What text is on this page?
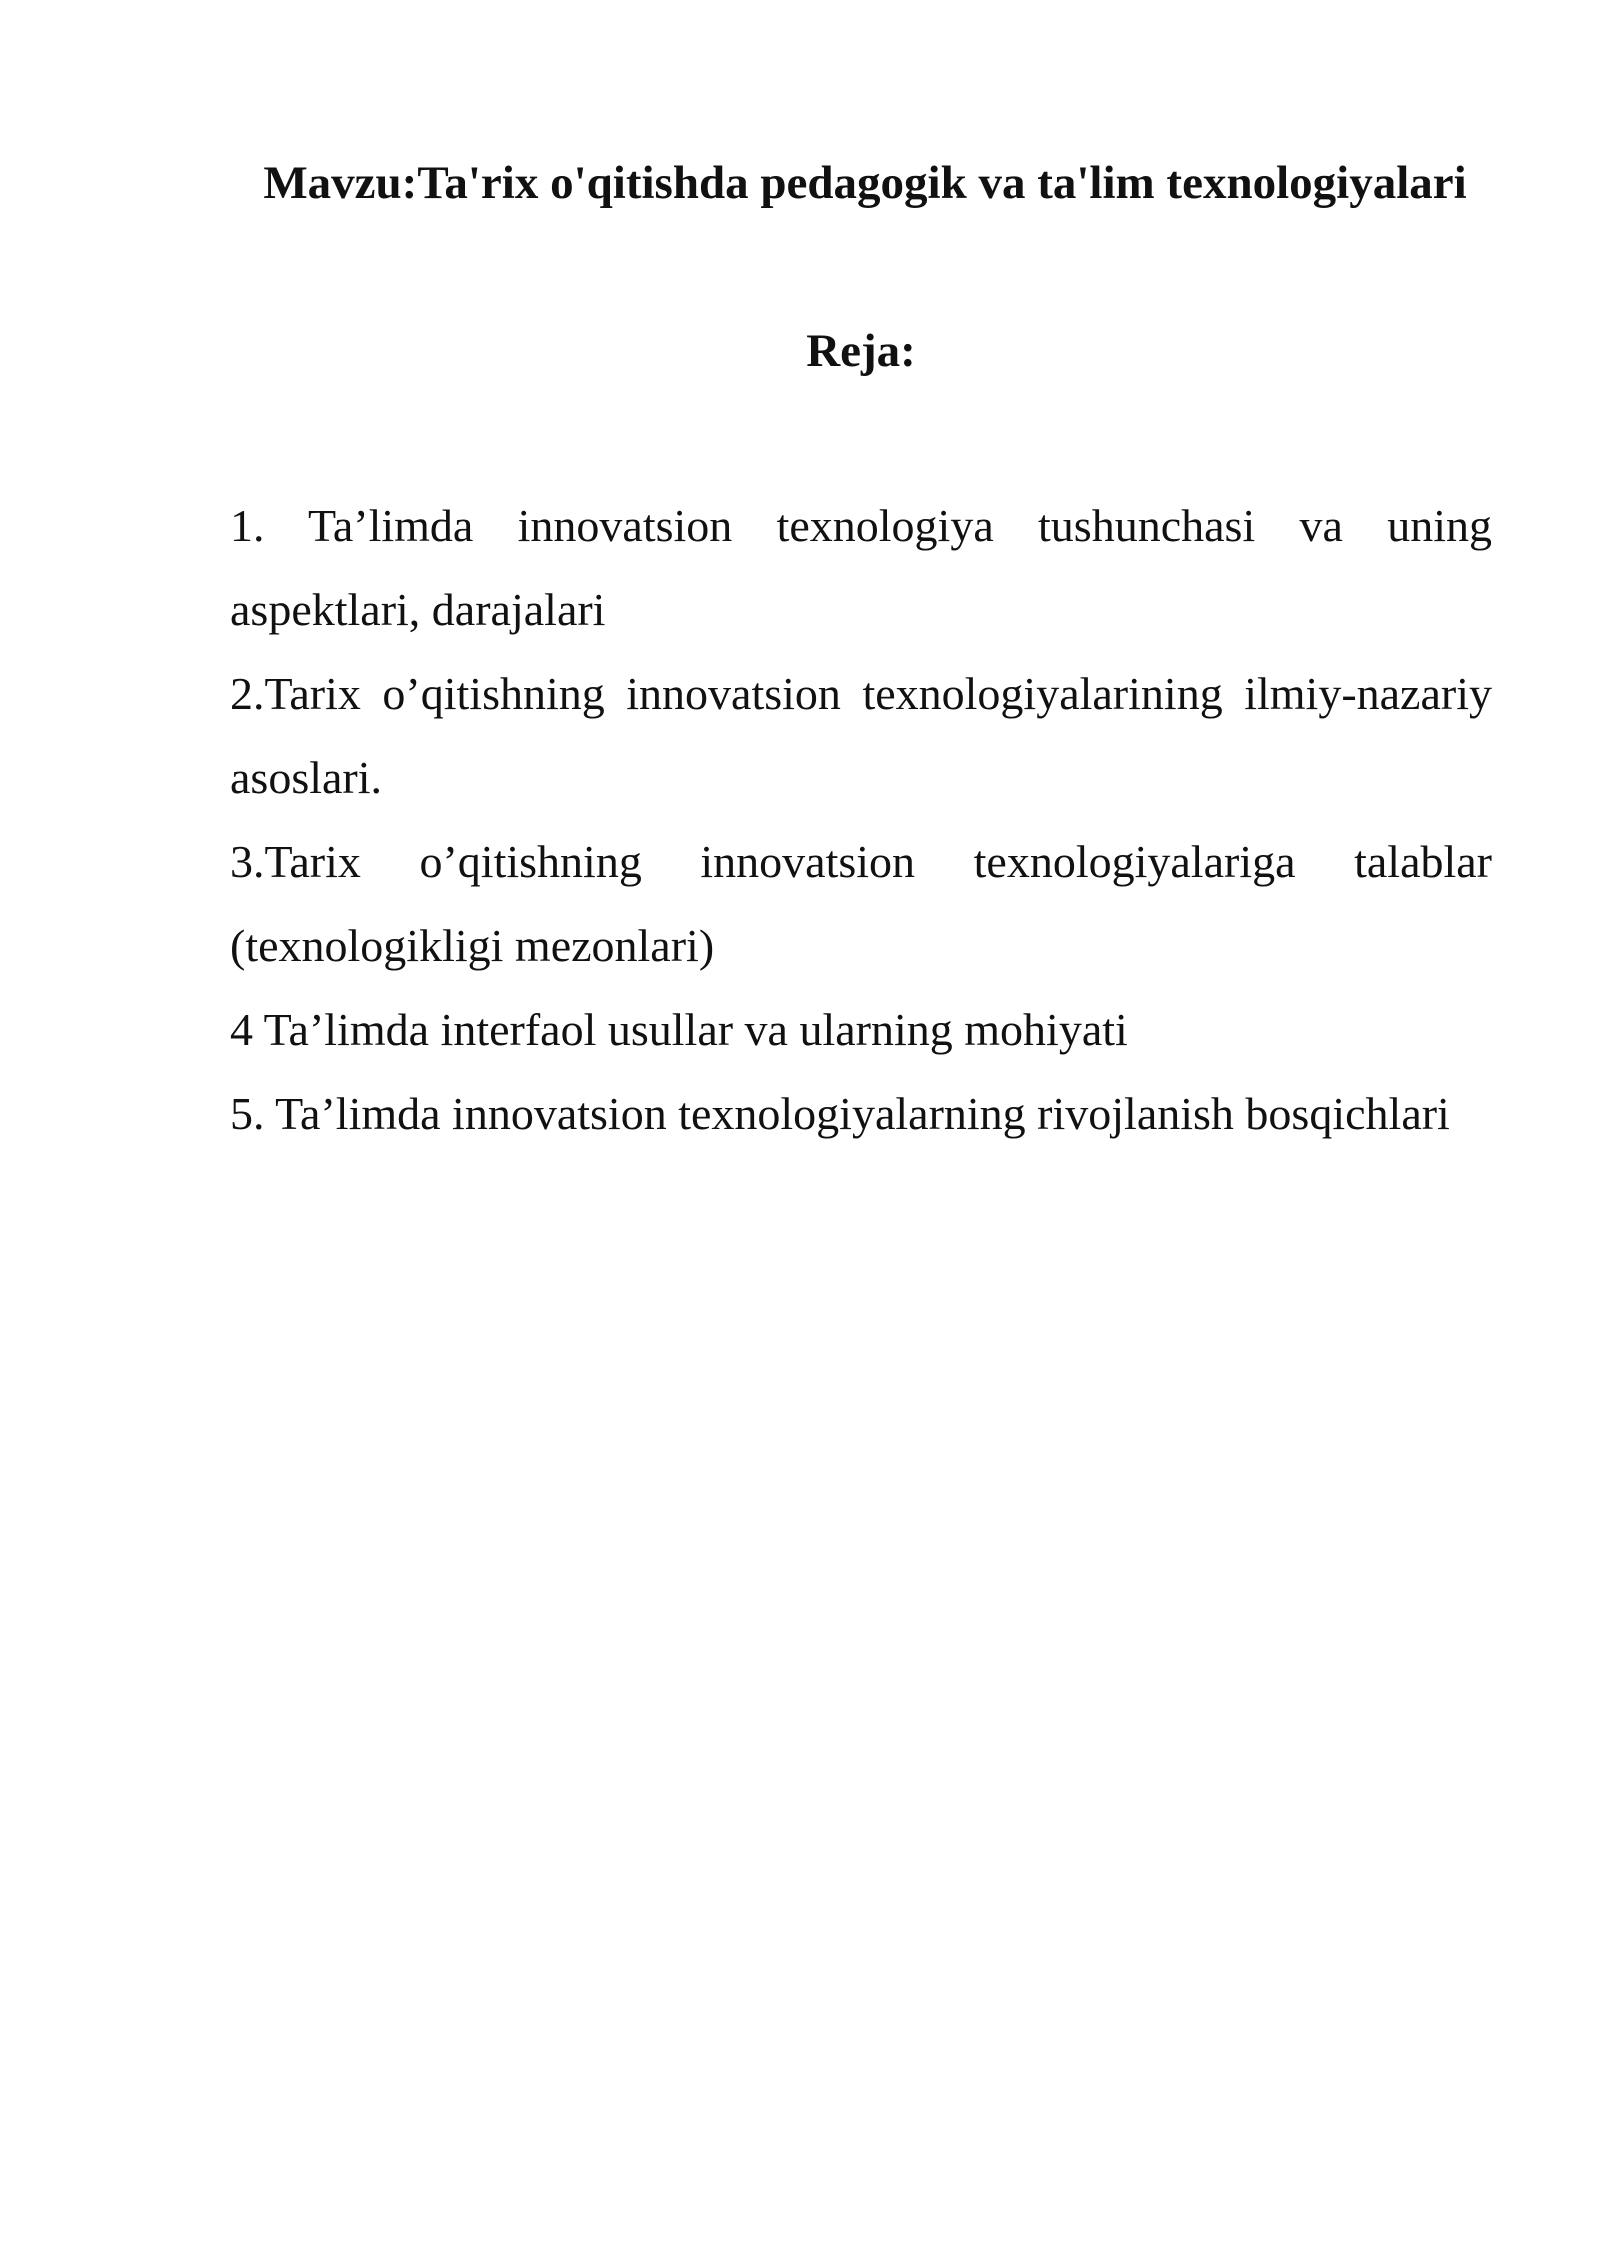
Mavzu:Ta'rix o'qitishda pedagogik va ta'lim texnologiyalari
Reja:
1. Ta’limda innovatsion texnologiya tushunchasi va uning aspektlari, darajalari
2.Tarix o’qitishning innovatsion texnologiyalarining ilmiy-nazariy asoslari.
3.Tarix o’qitishning innovatsion texnologiyalariga talablar (texnologikligi mezonlari)
4 Ta’limda interfaol usullar va ularning mohiyati
5. Ta’limda innovatsion texnologiyalarning rivojlanish bosqichlari
